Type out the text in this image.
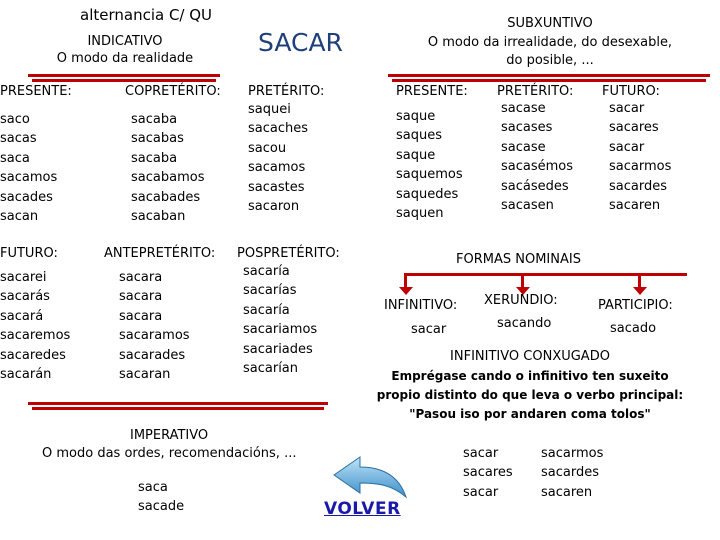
alternancia C/ QU
SACAR
INDICATIVO
O modo da realidade
SUBXUNTIVO
O modo da irrealidade, do desexable,
do posible, ...
PRESENTE:
saco
sacas
saca
sacamos
sacades
sacan
COPRETÉRITO:
sacaba
sacabas
sacaba
sacabamos
sacabades
sacaban
PRETÉRITO:
saquei
sacaches
sacou
sacamos
sacastes
sacaron
PRESENTE:
saque
saques
saque
saquemos
saquedes
saquen
PRETÉRITO:
sacase
sacases
sacase
sacasémos
sacásedes
sacasen
FUTURO:
sacar
sacares
sacar
sacarmos
sacardes
sacaren
FUTURO:
sacarei
sacarás
sacará
sacaremos
sacaredes
sacarán
ANTEPRETÉRITO:
sacara
sacara
sacara
sacaramos
sacarades
sacaran
POSPRETÉRITO:
sacaría
sacarías
sacaría
sacariamos
sacariades
sacarían
FORMAS NOMINAIS
INFINITIVO:
sacar
XERUNDIO:
sacando
PARTICIPIO:
sacado
INFINITIVO CONXUGADO
Emprégase cando o infinitivo ten suxeito
propio distinto do que leva o verbo principal:
"Pasou iso por andaren coma tolos"
sacar
sacares
sacar
sacarmos
sacardes
sacaren
IMPERATIVO
O modo das ordes, recomendacións, ...
saca
sacade	VOLVER
